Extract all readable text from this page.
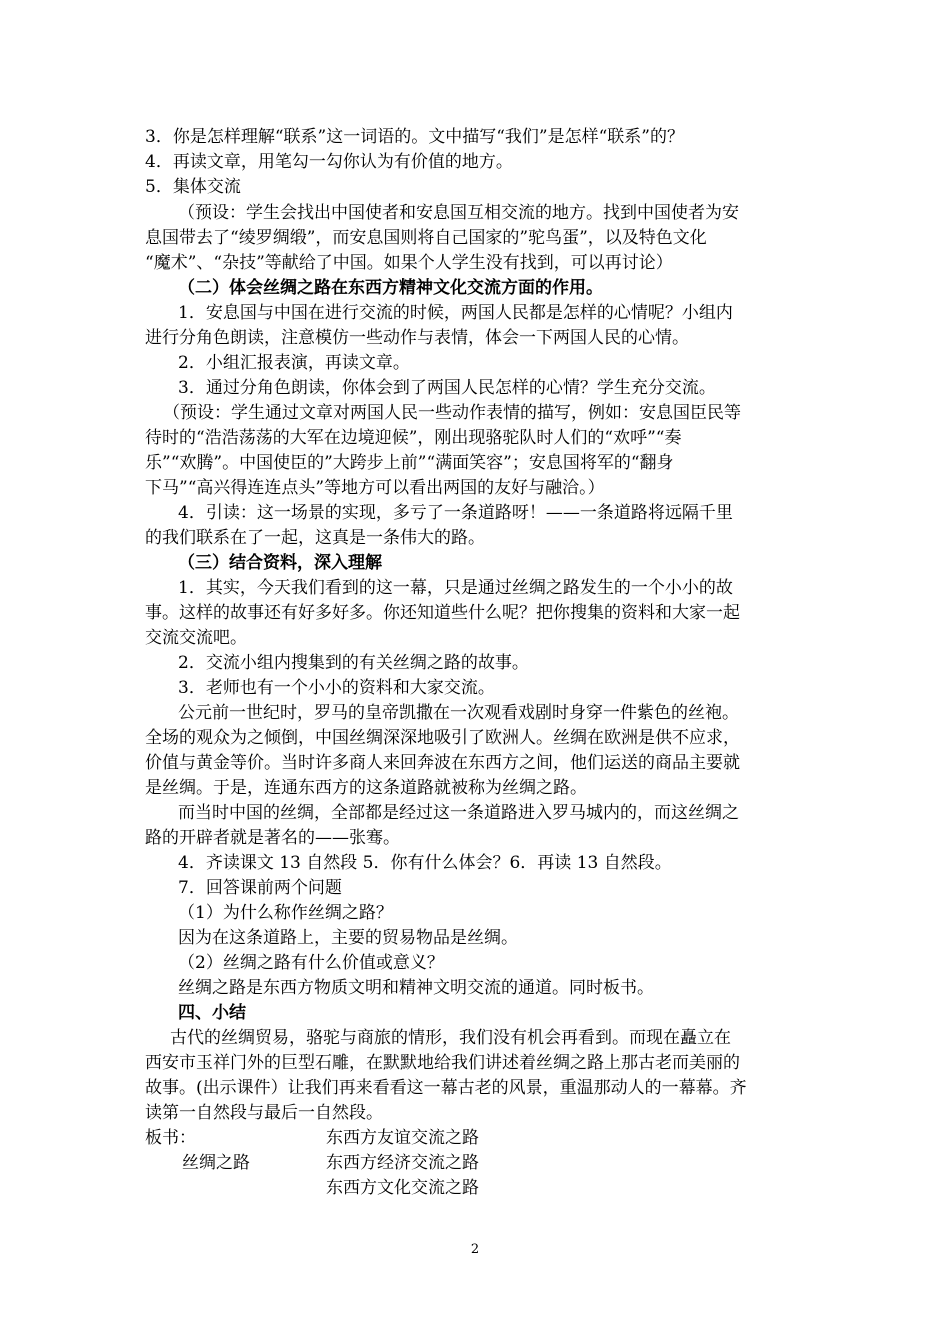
3．你是怎样理解“联系”这一词语的。文中描写“我们”是怎样“联系”的？
4．再读文章，用笔勾一勾你认为有价值的地方。
5．集体交流
（预设：学生会找出中国使者和安息国互相交流的地方。找到中国使者为安
息国带去了“绫罗绸缎”，而安息国则将自己国家的”驼鸟蛋”，以及特色文化
“魔术”、“杂技”等献给了中国。如果个人学生没有找到，可以再讨论）
（二）体会丝绸之路在东西方精神文化交流方面的作用。
1．安息国与中国在进行交流的时候，两国人民都是怎样的心情呢？小组内
进行分角色朗读，注意模仿一些动作与表情，体会一下两国人民的心情。
2．小组汇报表演，再读文章。
3．通过分角色朗读，你体会到了两国人民怎样的心情？学生充分交流。
（预设：学生通过文章对两国人民一些动作表情的描写，例如：安息国臣民等
待时的“浩浩荡荡的大军在边境迎候”，刚出现骆驼队时人们的“欢呼”“奏
乐”“欢腾”。中国使臣的”大跨步上前”“满面笑容”；安息国将军的“翻身
下马”“高兴得连连点头”等地方可以看出两国的友好与融洽。）
4．引读：这一场景的实现，多亏了一条道路呀！——一条道路将远隔千里
的我们联系在了一起，这真是一条伟大的路。
（三）结合资料，深入理解
1．其实，今天我们看到的这一幕，只是通过丝绸之路发生的一个小小的故
事。这样的故事还有好多好多。你还知道些什么呢？把你搜集的资料和大家一起
交流交流吧。
2．交流小组内搜集到的有关丝绸之路的故事。
3．老师也有一个小小的资料和大家交流。
公元前一世纪时，罗马的皇帝凯撒在一次观看戏剧时身穿一件紫色的丝袍。
全场的观众为之倾倒，中国丝绸深深地吸引了欧洲人。丝绸在欧洲是供不应求，
价值与黄金等价。当时许多商人来回奔波在东西方之间，他们运送的商品主要就
是丝绸。于是，连通东西方的这条道路就被称为丝绸之路。
而当时中国的丝绸，全部都是经过这一条道路进入罗马城内的，而这丝绸之
路的开辟者就是著名的——张骞。
4．齐读课文 13 自然段 5．你有什么体会？6．再读 13 自然段。
7．回答课前两个问题
（1）为什么称作丝绸之路？
因为在这条道路上，主要的贸易物品是丝绸。
（2）丝绸之路有什么价值或意义？
丝绸之路是东西方物质文明和精神文明交流的通道。同时板书。
四、小结
古代的丝绸贸易，骆驼与商旅的情形，我们没有机会再看到。而现在矗立在
西安市玉祥门外的巨型石雕，在默默地给我们讲述着丝绸之路上那古老而美丽的
故事。(出示课件）让我们再来看看这一幕古老的风景，重温那动人的一幕幕。齐
读第一自然段与最后一自然段。
板书：	东西方友谊交流之路
丝绸之路	东西方经济交流之路
东西方文化交流之路
2
